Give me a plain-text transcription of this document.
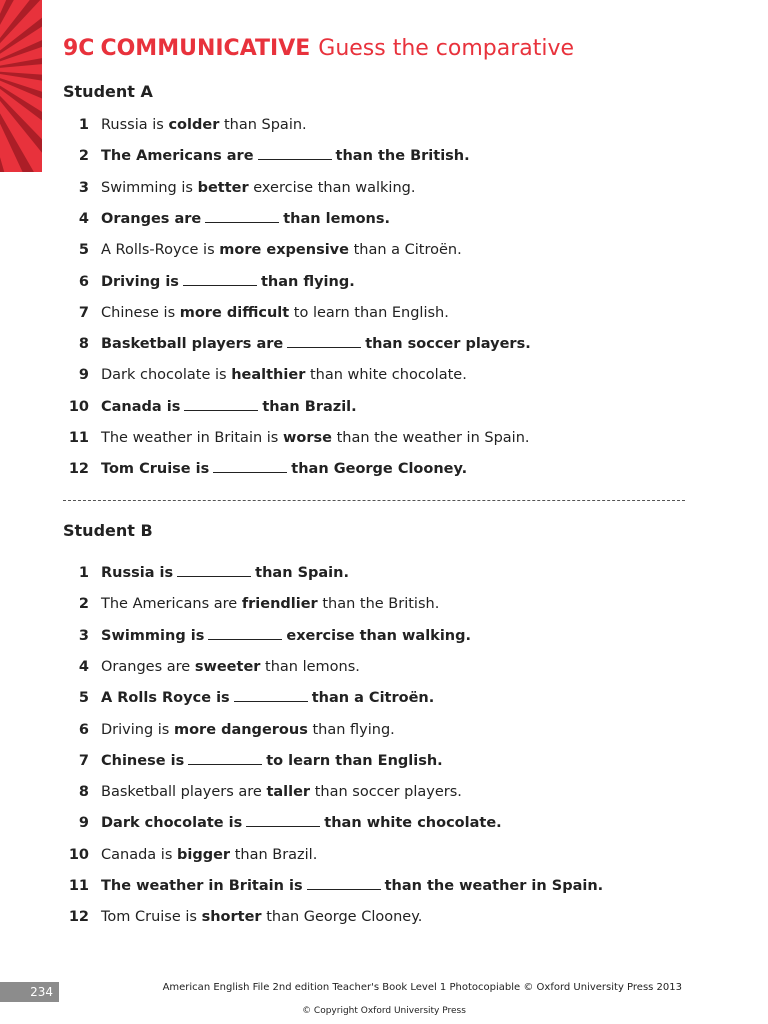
9C COMMUNICATIVE Guess the comparative
Student A
1 Russia is colder than Spain.
2 The Americans are	than the British.
3 Swimming is better exercise than walking.
4 Oranges are	than lemons.
5 A Rolls-Royce is more expensive than a Citroën.
6 Driving is	than flying.
7 Chinese is more difficult to learn than English.
8 Basketball players are	than soccer players.
9 Dark chocolate is healthier than white chocolate.
10 Canada is	than Brazil.
11 The weather in Britain is worse than the weather in Spain.
12 Tom Cruise is	than George Clooney.
Student B
1 Russia is	than Spain.
2 The Americans are friendlier than the British.
3 Swimming is	exercise than walking.
4 Oranges are sweeter than lemons.
5 A Rolls Royce is	than a Citroën.
6 Driving is more dangerous than flying.
7 Chinese is	to learn than English.
8 Basketball players are taller than soccer players.
9 Dark chocolate is	than white chocolate.
10 Canada is bigger than Brazil.
11 The weather in Britain is	than the weather in Spain.
12 Tom Cruise is shorter than George Clooney.
234	American English File 2nd edition Teacher's Book Level 1 Photocopiable © Oxford University Press 2013
© Copyright Oxford University Press
